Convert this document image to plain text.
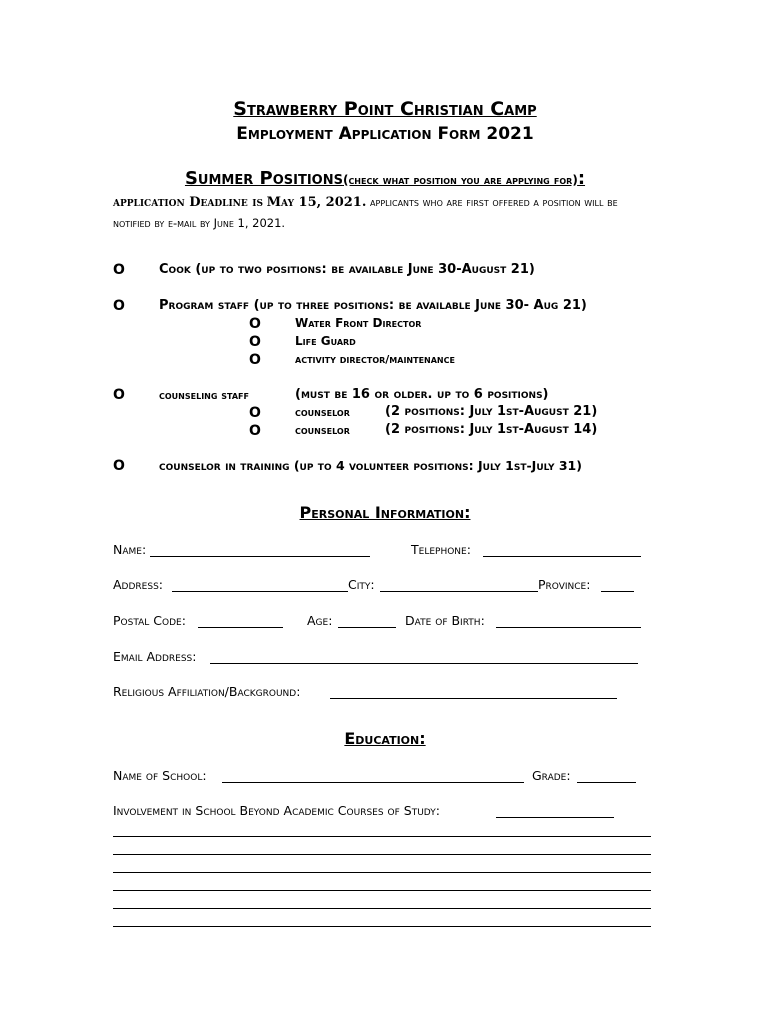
Strawberry Point Christian Camp
Employment Application Form 2021
Summer Positions(check what position you are applying for):
application Deadline is May 15, 2021. applicants who are first offered a position will be notified by e-mail by June 1, 2021.
O	Cook (up to two positions: be available June 30-August 21)
O	Program staff (up to three positions: be available June 30- Aug 21)
O	Water Front Director
O	Life Guard
O	activity director/maintenance
O	counseling staff	(must be 16 or older. up to 6 positions)
O	counselor	(2 positions: July 1st-August 21)
O	counselor	(2 positions: July 1st-August 14)
O	counselor in training (up to 4 volunteer positions: July 1st-July 31)
Personal Information:
Name:	Telephone:
Address:	City:	Province:
Postal Code:	Age:	Date of Birth:
Email Address:
Religious Affiliation/Background:
Education:
Name of School:	Grade:
Involvement in School Beyond Academic Courses of Study:
